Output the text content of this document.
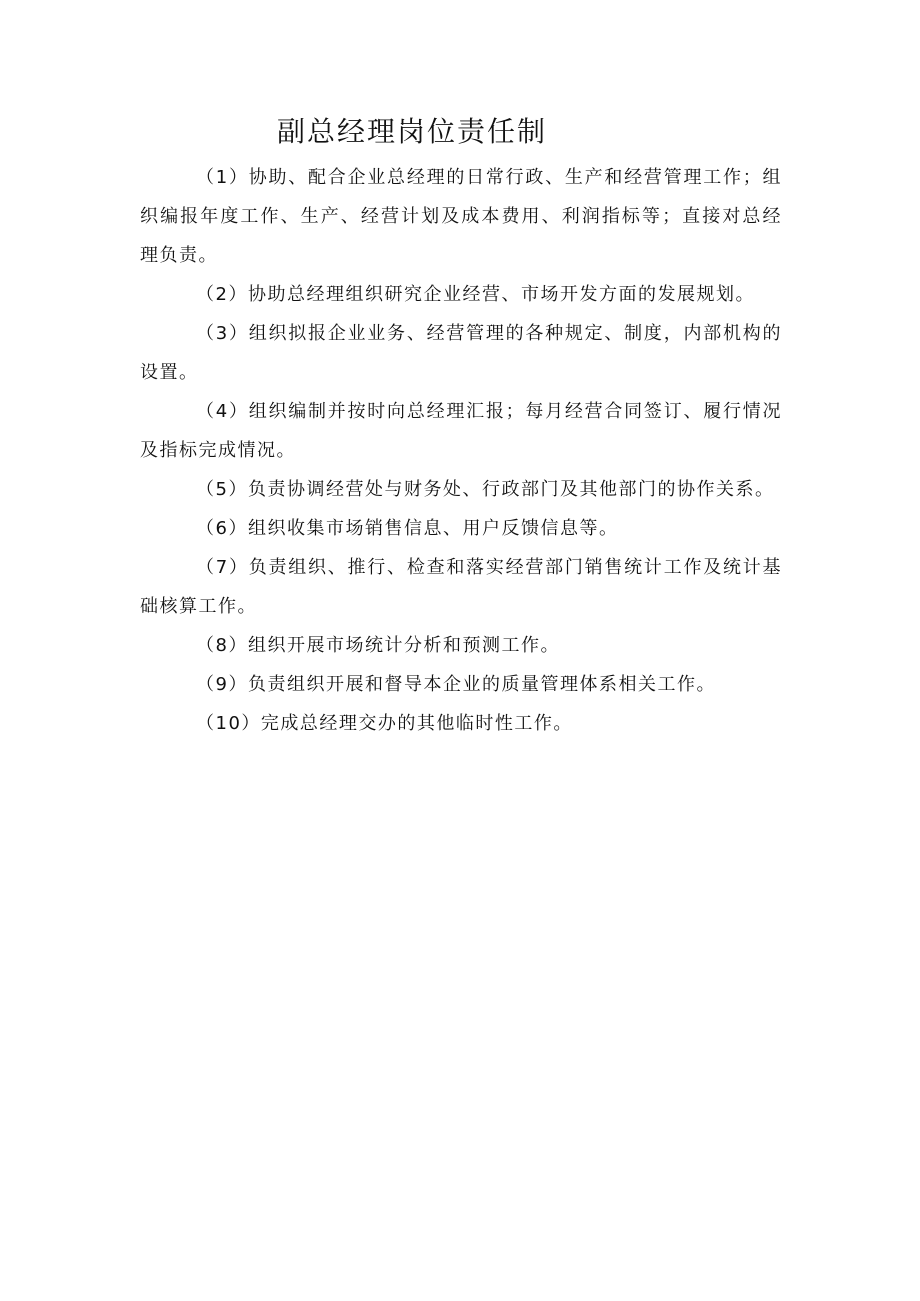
副总经理岗位责任制
（1）协助、配合企业总经理的日常行政、生产和经营管理工作；组织编报年度工作、生产、经营计划及成本费用、利润指标等；直接对总经理负责。
（2）协助总经理组织研究企业经营、市场开发方面的发展规划。
（3）组织拟报企业业务、经营管理的各种规定、制度，内部机构的设置。
（4）组织编制并按时向总经理汇报；每月经营合同签订、履行情况及指标完成情况。
（5）负责协调经营处与财务处、行政部门及其他部门的协作关系。
（6）组织收集市场销售信息、用户反馈信息等。
（7）负责组织、推行、检查和落实经营部门销售统计工作及统计基础核算工作。
（8）组织开展市场统计分析和预测工作。
（9）负责组织开展和督导本企业的质量管理体系相关工作。
（10）完成总经理交办的其他临时性工作。
